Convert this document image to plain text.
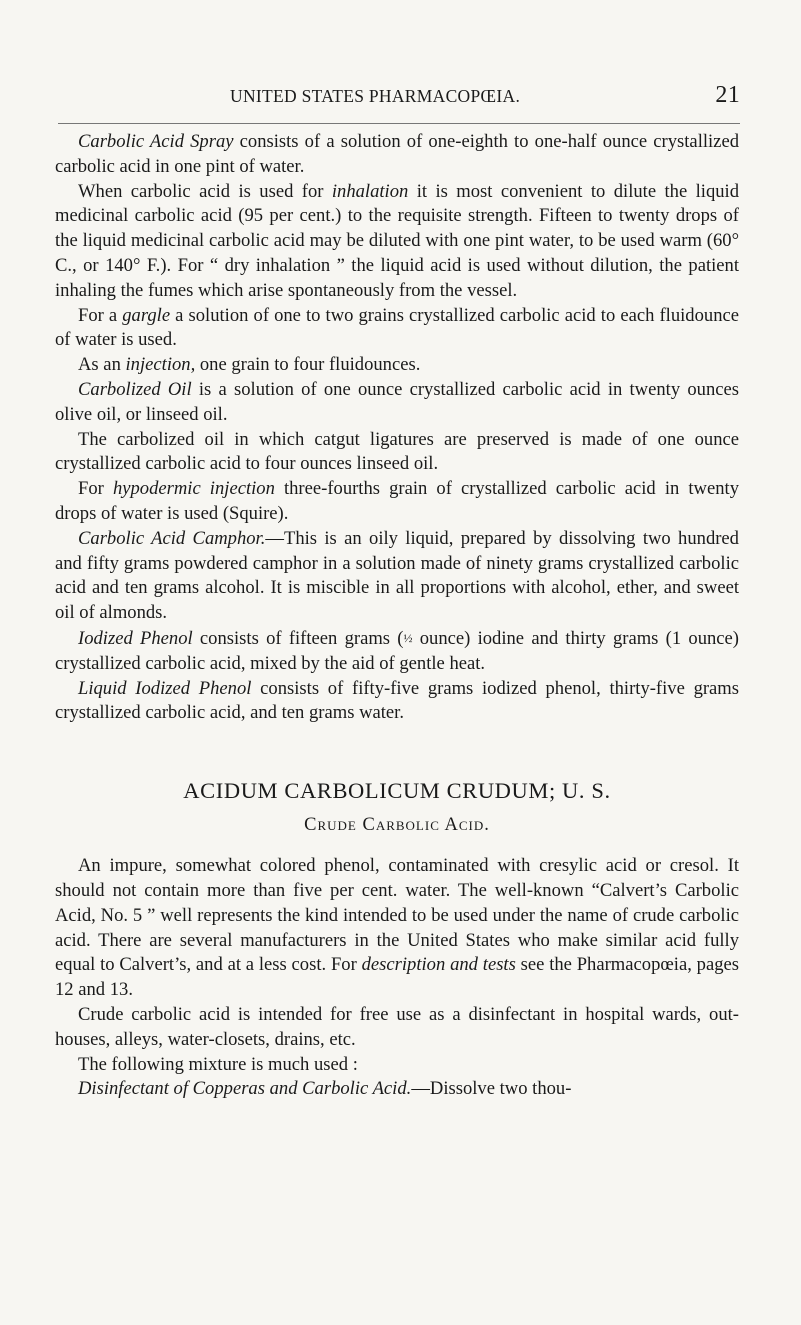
UNITED STATES PHARMACOPŒIA.	21

Carbolic Acid Spray consists of a solution of one-eighth to one-half ounce crystallized carbolic acid in one pint of water.

When carbolic acid is used for inhalation it is most convenient to dilute the liquid medicinal carbolic acid (95 per cent.) to the requisite strength. Fifteen to twenty drops of the liquid medicinal carbolic acid may be diluted with one pint water, to be used warm (60° C., or 140° F.). For “ dry inhalation ” the liquid acid is used without dilution, the patient inhaling the fumes which arise spontaneously from the vessel.

For a gargle a solution of one to two grains crystallized carbolic acid to each fluidounce of water is used.

As an injection, one grain to four fluidounces.

Carbolized Oil is a solution of one ounce crystallized carbolic acid in twenty ounces olive oil, or linseed oil.

The carbolized oil in which catgut ligatures are preserved is made of one ounce crystallized carbolic acid to four ounces linseed oil.

For hypodermic injection three-fourths grain of crystallized carbolic acid in twenty drops of water is used (Squire).

Carbolic Acid Camphor.—This is an oily liquid, prepared by dissolving two hundred and fifty grams powdered camphor in a solution made of ninety grams crystallized carbolic acid and ten grams alcohol. It is miscible in all proportions with alcohol, ether, and sweet oil of almonds.

Iodized Phenol consists of fifteen grams (½ ounce) iodine and thirty grams (1 ounce) crystallized carbolic acid, mixed by the aid of gentle heat.

Liquid Iodized Phenol consists of fifty-five grams iodized phenol, thirty-five grams crystallized carbolic acid, and ten grams water.

ACIDUM CARBOLICUM CRUDUM; U. S.
Crude Carbolic Acid.

An impure, somewhat colored phenol, contaminated with cresylic acid or cresol. It should not contain more than five per cent. water. The well-known “Calvert’s Carbolic Acid, No. 5 ” well represents the kind intended to be used under the name of crude carbolic acid. There are several manufacturers in the United States who make similar acid fully equal to Calvert’s, and at a less cost. For description and tests see the Pharmacopœia, pages 12 and 13.

Crude carbolic acid is intended for free use as a disinfectant in hospital wards, out-houses, alleys, water-closets, drains, etc.

The following mixture is much used :

Disinfectant of Copperas and Carbolic Acid.—Dissolve two thou-
